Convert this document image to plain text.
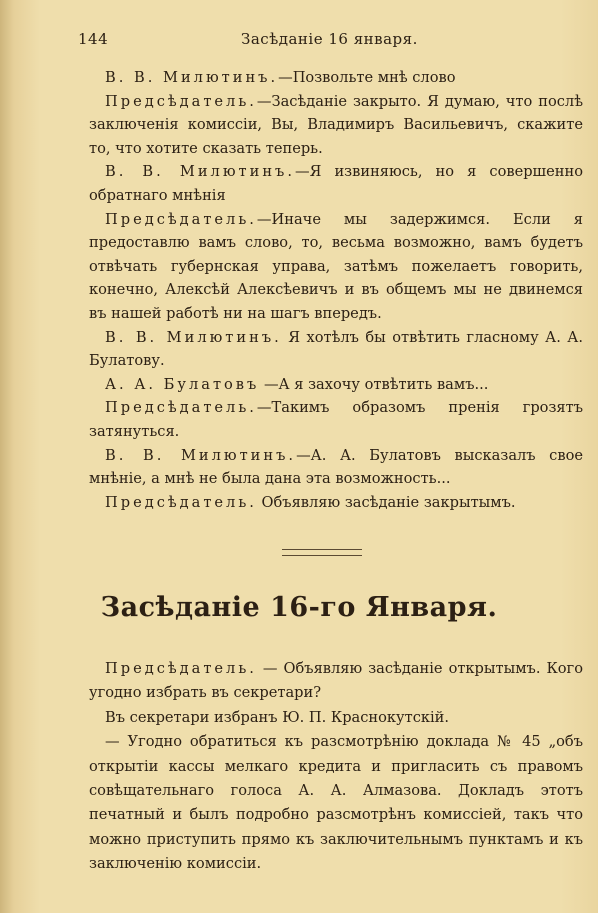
144	Засѣданіе 16 января.

В. В. Милютинъ.—Позвольте мнѣ слово

Предсѣдатель.—Засѣданіе закрыто. Я думаю, что послѣ заключенія комиссіи, Вы, Владимиръ Васильевичъ, скажите то, что хотите сказать теперь.

В. В. Милютинъ.—Я извиняюсь, но я совершенно обратнаго мнѣнія

Предсѣдатель.—Иначе мы задержимся. Если я предоставлю вамъ слово, то, весьма возможно, вамъ будетъ отвѣчать губернская управа, затѣмъ пожелаетъ говорить, конечно, Алексѣй Алексѣевичъ и въ общемъ мы не двинемся въ нашей работѣ ни на шагъ впередъ.

В. В. Милютинъ. Я хотѣлъ бы отвѣтить гласному А. А. Булатову.

А. А. Булатовъ —А я захочу отвѣтить вамъ...

Предсѣдатель.—Такимъ образомъ пренія грозятъ затянуться.

В. В. Милютинъ.—А. А. Булатовъ высказалъ свое мнѣніе, а мнѣ не была дана эта возможность...

Предсѣдатель. Объявляю засѣданіе закрытымъ.

Засѣданіе 16-го Января.

Предсѣдатель. — Объявляю засѣданіе открытымъ. Кого угодно избрать въ секретари?

Въ секретари избранъ Ю. П. Краснокутскій.

— Угодно обратиться къ разсмотрѣнію доклада № 45 „объ открытіи кассы мелкаго кредита и пригласить съ правомъ совѣщательнаго голоса А. А. Алмазова. Докладъ этотъ печатный и былъ подробно разсмотрѣнъ комиссіей, такъ что можно приступить прямо къ заключительнымъ пунктамъ и къ заключенію комиссіи.
